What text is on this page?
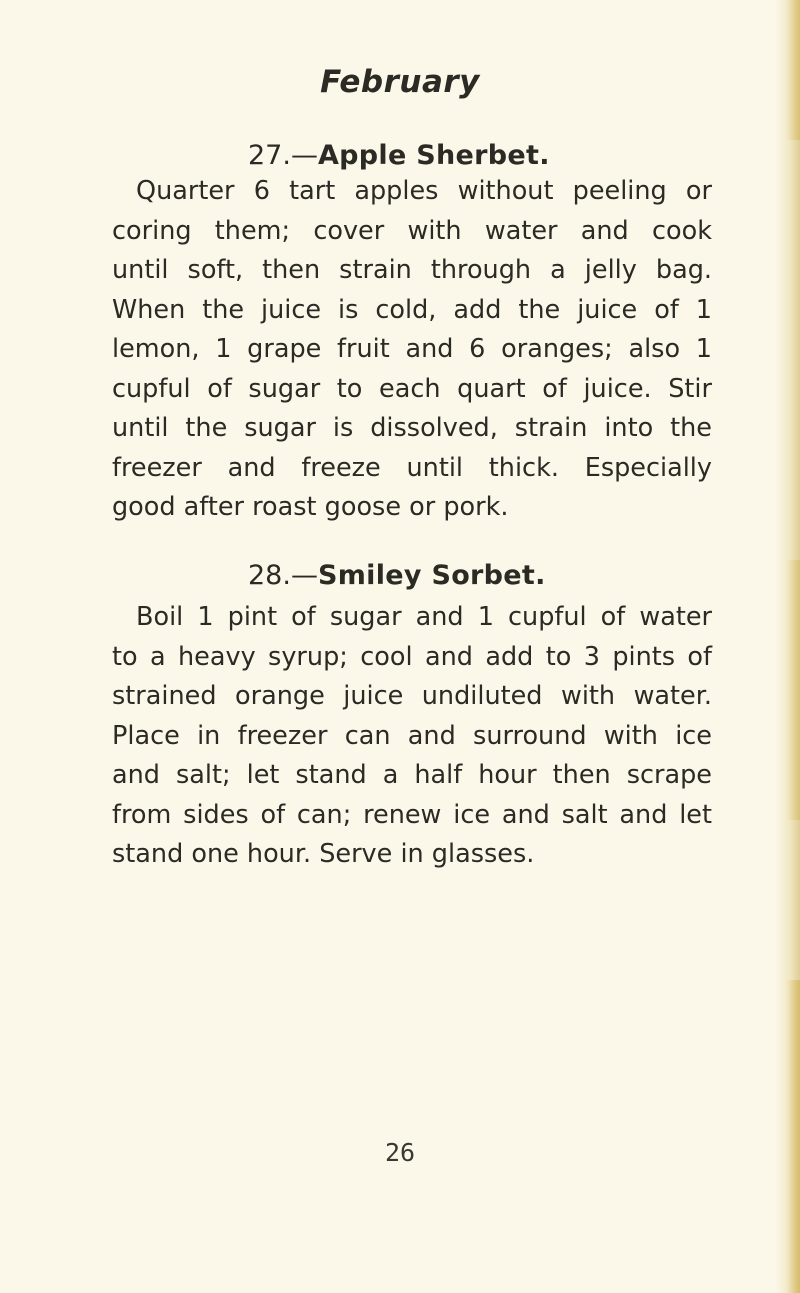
February
27.—Apple Sherbet.
Quarter 6 tart apples without peeling or
coring them; cover with water and cook
until soft, then strain through a jelly bag.
When the juice is cold, add the juice of 1
lemon, 1 grape fruit and 6 oranges; also 1
cupful of sugar to each quart of juice. Stir
until the sugar is dissolved, strain into the
freezer and freeze until thick. Especially
good after roast goose or pork.
28.—Smiley Sorbet.
Boil 1 pint of sugar and 1 cupful of water
to a heavy syrup; cool and add to 3 pints of
strained orange juice undiluted with water.
Place in freezer can and surround with ice
and salt; let stand a half hour then scrape
from sides of can; renew ice and salt and let
stand one hour. Serve in glasses.
26
